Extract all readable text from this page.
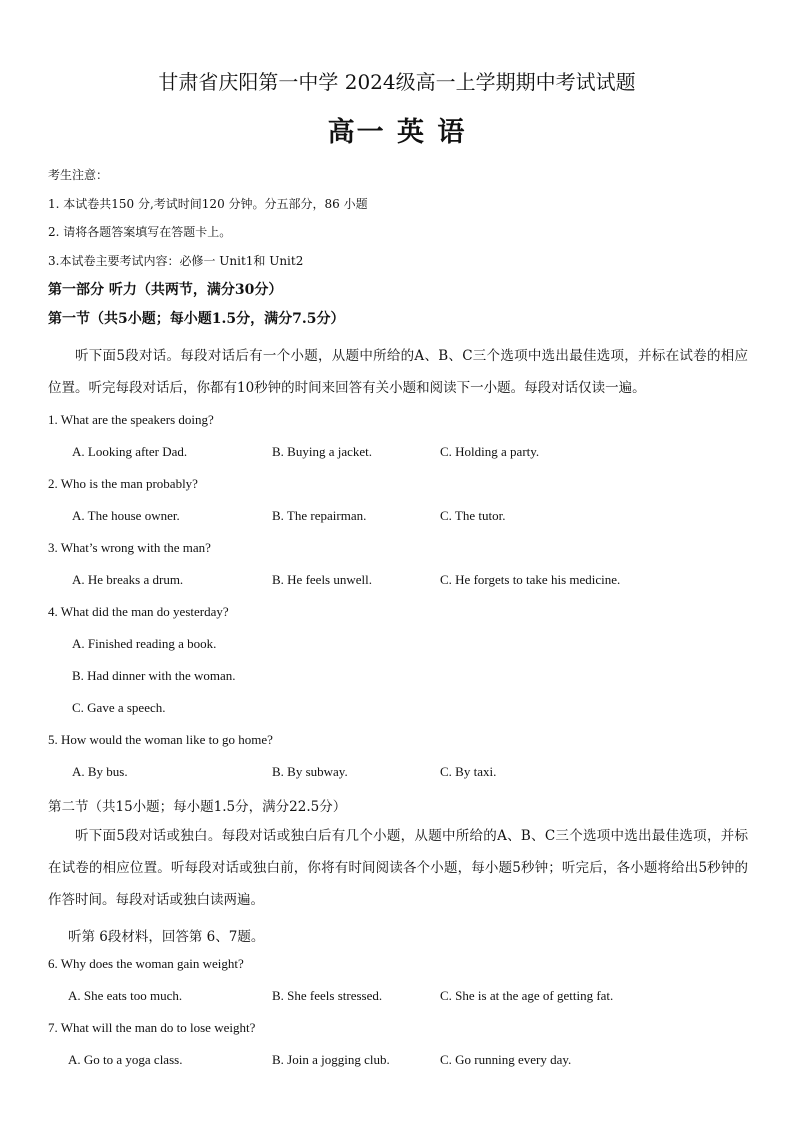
甘肃省庆阳第一中学 2024级高一上学期期中考试试题
高一 英 语
考生注意：
1. 本试卷共150 分,考试时间120 分钟。分五部分，86 小题
2. 请将各题答案填写在答题卡上。
3.本试卷主要考试内容：必修一 Unit1和 Unit2
第一部分 听力（共两节，满分30分）
第一节（共5小题；每小题1.5分，满分7.5分）
听下面5段对话。每段对话后有一个小题，从题中所给的A、B、C三个选项中选出最佳选项，并标在试卷的相应位置。听完每段对话后，你都有10秒钟的时间来回答有关小题和阅读下一小题。每段对话仅读一遍。
1. What are the speakers doing?
A. Looking after Dad.	B. Buying a jacket.	C. Holding a party.
2. Who is the man probably?
A. The house owner.	B. The repairman.	C. The tutor.
3. What’s wrong with the man?
A. He breaks a drum.	B. He feels unwell.	C. He forgets to take his medicine.
4. What did the man do yesterday?
A. Finished reading a book.
B. Had dinner with the woman.
C. Gave a speech.
5. How would the woman like to go home?
A. By bus.	B. By subway.	C. By taxi.
第二节（共15小题；每小题1.5分，满分22.5分）
听下面5段对话或独白。每段对话或独白后有几个小题，从题中所给的A、B、C三个选项中选出最佳选项，并标在试卷的相应位置。听每段对话或独白前，你将有时间阅读各个小题，每小题5秒钟；听完后，各小题将给出5秒钟的作答时间。每段对话或独白读两遍。
听第 6段材料，回答第 6、7题。
6. Why does the woman gain weight?
A. She eats too much.	B. She feels stressed.	C. She is at the age of getting fat.
7. What will the man do to lose weight?
A. Go to a yoga class.	B. Join a jogging club.	C. Go running every day.
